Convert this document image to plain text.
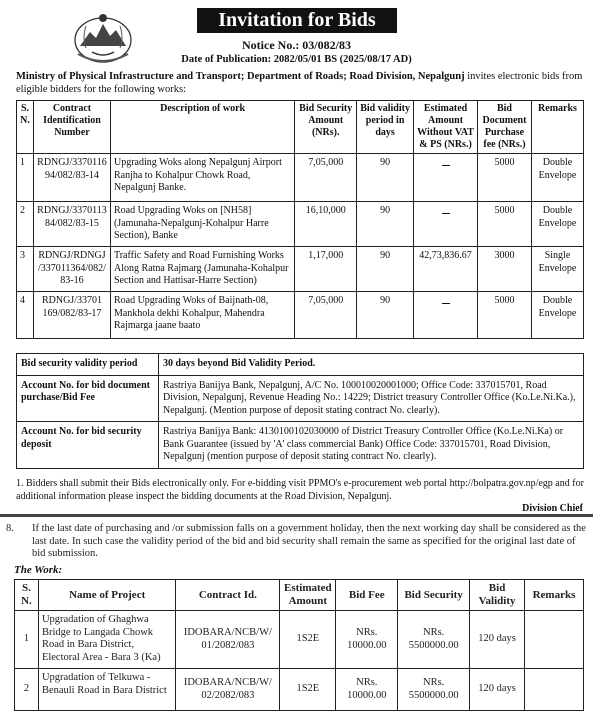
Invitation for Bids
Notice No.: 03/082/83
Date of Publication: 2082/05/01 BS (2025/08/17 AD)
Ministry of Physical Infrastructure and Transport; Department of Roads; Road Division, Nepalgunj invites electronic bids from eligible bidders for the following works:
S. N.	Contract Identification Number	Description of work	Bid Security Amount (NRs).	Bid validity period in days	Estimated Amount Without VAT & PS (NRs.)	Bid Document Purchase fee (NRs.)	Remarks
1	RDNGJ/3370116 94/082/83-14	Upgrading Woks along Nepalgunj Airport Ranjha to Kohalpur Chowk Road, Nepalgunj Banke.	7,05,000	90		5000	Double Envelope
2	RDNGJ/3370113 84/082/83-15	Road Upgrading Woks on [NH58] (Jamunaha-Nepalgunj-Kohalpur Harre Section), Banke	16,10,000	90		5000	Double Envelope
3	RDNGJ/RDNGJ /337011364/082/ 83-16	Traffic Safety and Road Furnishing Works Along Ratna Rajmarg (Jamunaha-Kohalpur Section and Hattisar-Harre Section)	1,17,000	90	42,73,836.67	3000	Single Envelope
4	RDNGJ/33701 169/082/83-17	Road Upgrading Woks of Baijnath-08, Mankhola dekhi Kohalpur, Mahendra Rajmarga jaane baato	7,05,000	90		5000	Double Envelope
Bid security validity period	30 days beyond Bid Validity Period.
Account No. for bid document purchase/Bid Fee	Rastriya Banijya Bank, Nepalgunj, A/C No. 100010020001000; Office Code: 337015701, Road Division, Nepalgunj, Revenue Heading No.: 14229; District treasury Controller Office (Ko.Le.Ni.Ka.), Nepalgunj. (Mention purpose of deposit stating contract No. clearly).
Account No. for bid security deposit	Rastriya Banijya Bank: 4130100102030000 of District Treasury Controller Office (Ko.Le.Ni.Ka) or Bank Guarantee (issued by 'A' class commercial Bank) Office Code: 337015701, Road Division, Nepalgunj (mention purpose of deposit stating contract No. clearly).
1. Bidders shall submit their Bids electronically only. For e-bidding visit PPMO's e-procurement web portal http://bolpatra.gov.np/egp and for additional information please inspect the bidding documents at the Road Division, Nepalgunj.
Division Chief
8. If the last date of purchasing and /or submission falls on a government holiday, then the next working day shall be considered as the last date. In such case the validity period of the bid and bid security shall remain the same as specified for the original last date of bid submission.
The Work:
S. N.	Name of Project	Contract Id.	Estimated Amount	Bid Fee	Bid Security	Bid Validity	Remarks
1	Upgradation of Ghaghwa Bridge to Langada Chowk Road in Bara District, Electoral Area - Bara 3 (Ka)	IDOBARA/NCB/W/ 01/2082/083	1S2E	NRs. 10000.00	NRs. 5500000.00	120 days	
2	Upgradation of Telkuwa - Benauli Road in Bara District	IDOBARA/NCB/W/ 02/2082/083	1S2E	NRs. 10000.00	NRs. 5500000.00	120 days	
